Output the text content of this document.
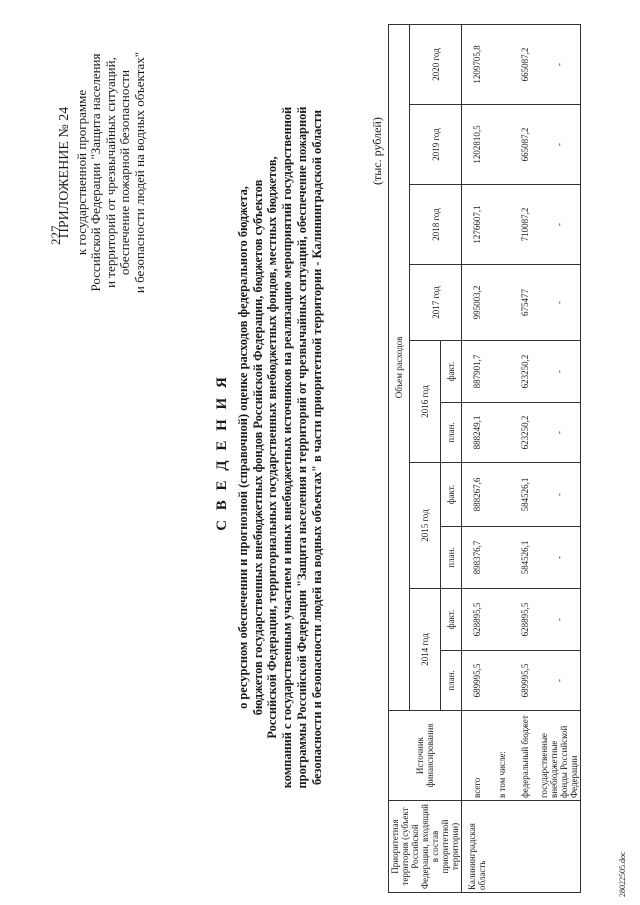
227
ПРИЛОЖЕНИЕ № 24 к государственной программе Российской Федерации "Защита населения и территорий от чрезвычайных ситуаций, обеспечение пожарной безопасности и безопасности людей на водных объектах"
С В Е Д Е Н И Я о ресурсном обеспечении и прогнозной (справочной) оценке расходов федерального бюджета, бюджетов государственных внебюджетных фондов Российской Федерации, бюджетов субъектов Российской Федерации, территориальных государственных внебюджетных фондов, местных бюджетов, компаний с государственным участием и иных внебюджетных источников на реализацию мероприятий государственной программы Российской Федерации "Защита населения и территорий от чрезвычайных ситуаций, обеспечение пожарной безопасности и безопасности людей на водных объектах" в части приоритетной территории - Калининградской области	(тыс. рублей)
Приоритетная территория (субъект Российской Федерации, входящий в состав приоритетной территории)	Источник финансирования	Объем расходов									
		2014 год		2015 год		2016 год		2017 год	2018 год	2019 год	2020 год
		план.	факт.	план.	факт.	план.	факт.				
Калининградская область	всего	689995,5	628895,5	898376,7	888267,6	888249,1	887901,7	995003,2	1276607,1	1202810,5	1209705,8
	в том числе:										
	федеральный бюджет	689995,5	628895,5	584526,1	584526,1	623250,2	623250,2	675477	710087,2	665087,2	665087,2
	государственные внебюджетные фонды Российской Федерации	-	-	-	-	-	-	-	-	-	-
28022505.doc
